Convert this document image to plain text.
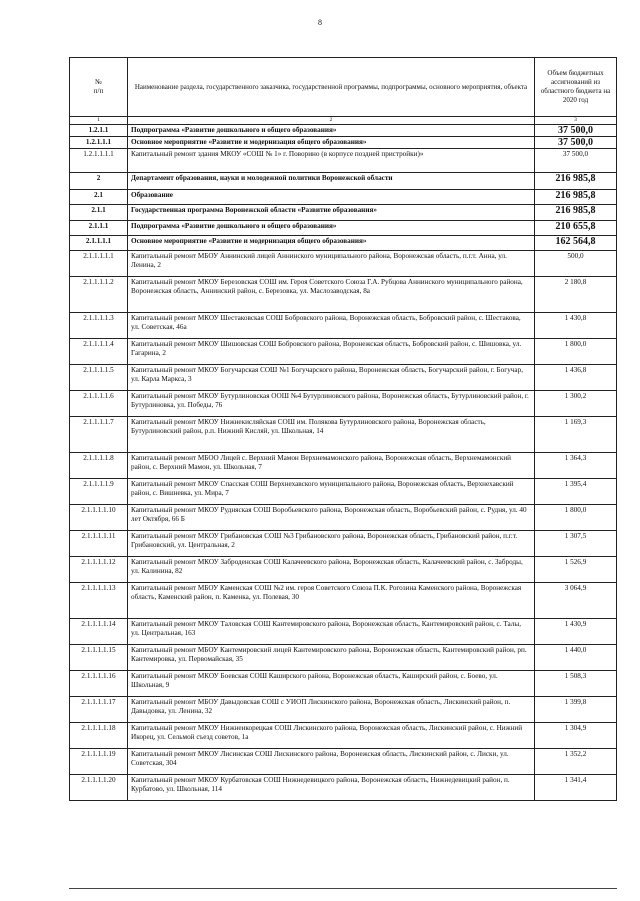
8
№
п/п	Наименование раздела, государственного заказчика, государственной программы, подпрограммы, основного мероприятия, объекта	Объем бюджетных ассигнований из областного бюджета на 2020 год
1	2	3
1.2.1.1	Подпрограмма «Развитие дошкольного и общего образования»	37 500,0
1.2.1.1.1	Основное мероприятие «Развитие и модернизация общего образования»	37 500,0
1.2.1.1.1.1	Капитальный ремонт здания МКОУ «СОШ № 1» г. Поворино (в корпусе поздней пристройки)»	37 500,0
2	Департамент образования, науки и молодежной политики Воронежской области	216 985,8
2.1	Образование	216 985,8
2.1.1	Государственная программа Воронежской области «Развитие образования»	216 985,8
2.1.1.1	Подпрограмма «Развитие дошкольного и общего образования»	210 655,8
2.1.1.1.1	Основное мероприятие «Развитие и модернизация общего образования»	162 564,8
2.1.1.1.1.1	Капитальный ремонт МБОУ Аннинский лицей Аннинского муниципального района, Воронежская область, п.г.т. Анна, ул. Ленина, 2	500,0
2.1.1.1.1.2	Капитальный ремонт МКОУ Березовская СОШ им. Героя Советского Союза Г.А. Рубцова Аннинского муниципального района, Воронежская область, Аннинский район, с. Березовка, ул. Маслозаводская, 8а	2 180,8
2.1.1.1.1.3	Капитальный ремонт МКОУ Шестаковская СОШ Бобровского района, Воронежская область, Бобровский район, с. Шестакова, ул. Советская, 46а	1 430,8
2.1.1.1.1.4	Капитальный ремонт МКОУ Шишовская СОШ Бобровского района, Воронежская область, Бобровский район, с. Шишовка, ул. Гагарина, 2	1 800,0
2.1.1.1.1.5	Капитальный ремонт МКОУ Богучарская СОШ №1 Богучарского района, Воронежская область, Богучарский район, г. Богучар, ул. Карла Маркса, 3	1 436,8
2.1.1.1.1.6	Капитальный ремонт МКОУ Бутурлиновская ООШ №4 Бутурлиновского района, Воронежская область, Бутурлиновский район, г. Бутурлиновка, ул. Победы, 76	1 300,2
2.1.1.1.1.7	Капитальный ремонт МКОУ Нижнекисляйская СОШ им. Полякова Бутурлиновского района, Воронежская область, Бутурлиновский район, р.п. Нижний Кисляй, ул. Школьная, 14	1 169,3
2.1.1.1.1.8	Капитальный ремонт МБОО Лицей с. Верхний Мамон Верхнемамонского района, Воронежская область, Верхнемамонский район, с. Верхний Мамон, ул. Школьная, 7	1 364,3
2.1.1.1.1.9	Капитальный ремонт МКОУ Спасская СОШ Верхнехавского муниципального района, Воронежская область, Верхнехавский район, с. Вишневка, ул. Мира, 7	1 395,4
2.1.1.1.1.10	Капитальный ремонт МКОУ Рудняская СОШ Воробьевского района, Воронежская область, Воробьевский район, с. Рудня, ул. 40 лет Октября, 66 Б	1 800,0
2.1.1.1.1.11	Капитальный ремонт МКОУ Грибановская СОШ №3 Грибановского района, Воронежская область, Грибановский район, п.г.т. Грибановский, ул. Центральная, 2	1 307,5
2.1.1.1.1.12	Капитальный ремонт МКОУ Заброденская СОШ Калачеевского района, Воронежская область, Калачеевский район, с. Заброды, ул. Калинина, 82	1 526,9
2.1.1.1.1.13	Капитальный ремонт МБОУ Каменская СОШ №2 им. героя Советского Союза П.К. Рогозина Каменского района, Воронежская область, Каменский район, п. Каменка, ул. Полевая, 30	3 064,9
2.1.1.1.1.14	Капитальный ремонт МКОУ Таловская СОШ Кантемировского района, Воронежская область, Кантемировский район, с. Талы, ул. Центральная, 163	1 430,9
2.1.1.1.1.15	Капитальный ремонт МБОУ Кантемировский лицей Кантемировского района, Воронежская область, Кантемировский район, рп. Кантемировка, ул. Первомайская, 35	1 440,0
2.1.1.1.1.16	Капитальный ремонт МКОУ Боевская СОШ Каширского района, Воронежская область, Каширский район, с. Боево, ул. Школьная, 9	1 508,3
2.1.1.1.1.17	Капитальный ремонт МБОУ Давыдовская СОШ с УИОП Лискинского района, Воронежская область, Лискинский район, п. Давыдовка, ул. Ленина, 32	1 399,8
2.1.1.1.1.18	Капитальный ремонт МКОУ Нижнеикорецкая СОШ Лискинского района, Воронежская область, Лискинский район, с. Нижний Икорец, ул. Сельмой съезд советов, 1а	1 304,9
2.1.1.1.1.19	Капитальный ремонт МКОУ Лисинская СОШ Лискинского района, Воронежская область, Лискинский район, с. Лиски, ул. Советская, 304	1 352,2
2.1.1.1.1.20	Капитальный ремонт МКОУ Курбатовская СОШ Нижнедевицкого района, Воронежская область, Нижнедевицкий район, п. Курбатово, ул. Школьная, 114	1 341,4
